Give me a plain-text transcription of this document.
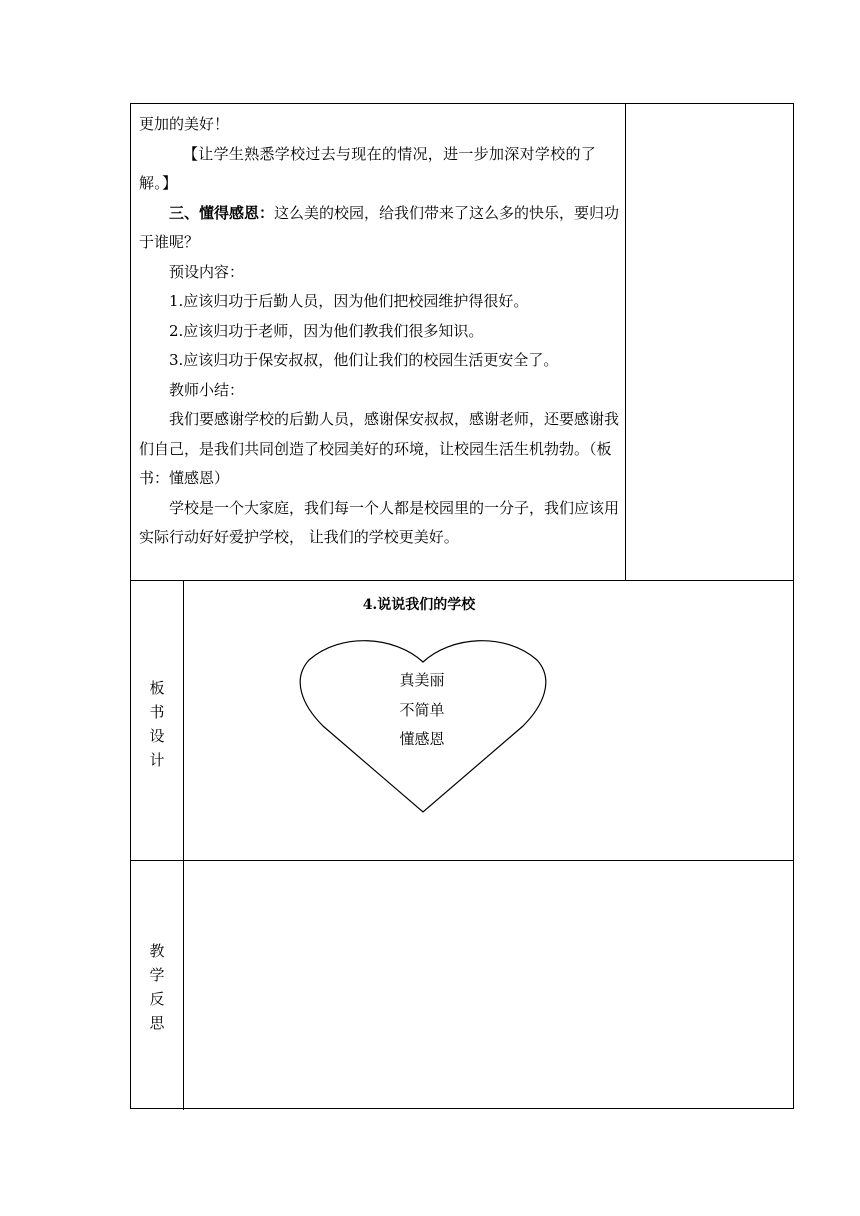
更加的美好！

【让学生熟悉学校过去与现在的情况，进一步加深对学校的了解。】

三、懂得感恩：这么美的校园，给我们带来了这么多的快乐，要归功于谁呢？

预设内容：

1.应该归功于后勤人员，因为他们把校园维护得很好。

2.应该归功于老师，因为他们教我们很多知识。

3.应该归功于保安叔叔，他们让我们的校园生活更安全了。

教师小结：

我们要感谢学校的后勤人员，感谢保安叔叔，感谢老师，还要感谢我们自己，是我们共同创造了校园美好的环境，让校园生活生机勃勃。（板书：懂感恩）

学校是一个大家庭，我们每一个人都是校园里的一分子，我们应该用实际行动好好爱护学校， 让我们的学校更美好。

板
书
设
计
4.说说我们的学校
真美丽
不简单
懂感恩
教
学
反
思
